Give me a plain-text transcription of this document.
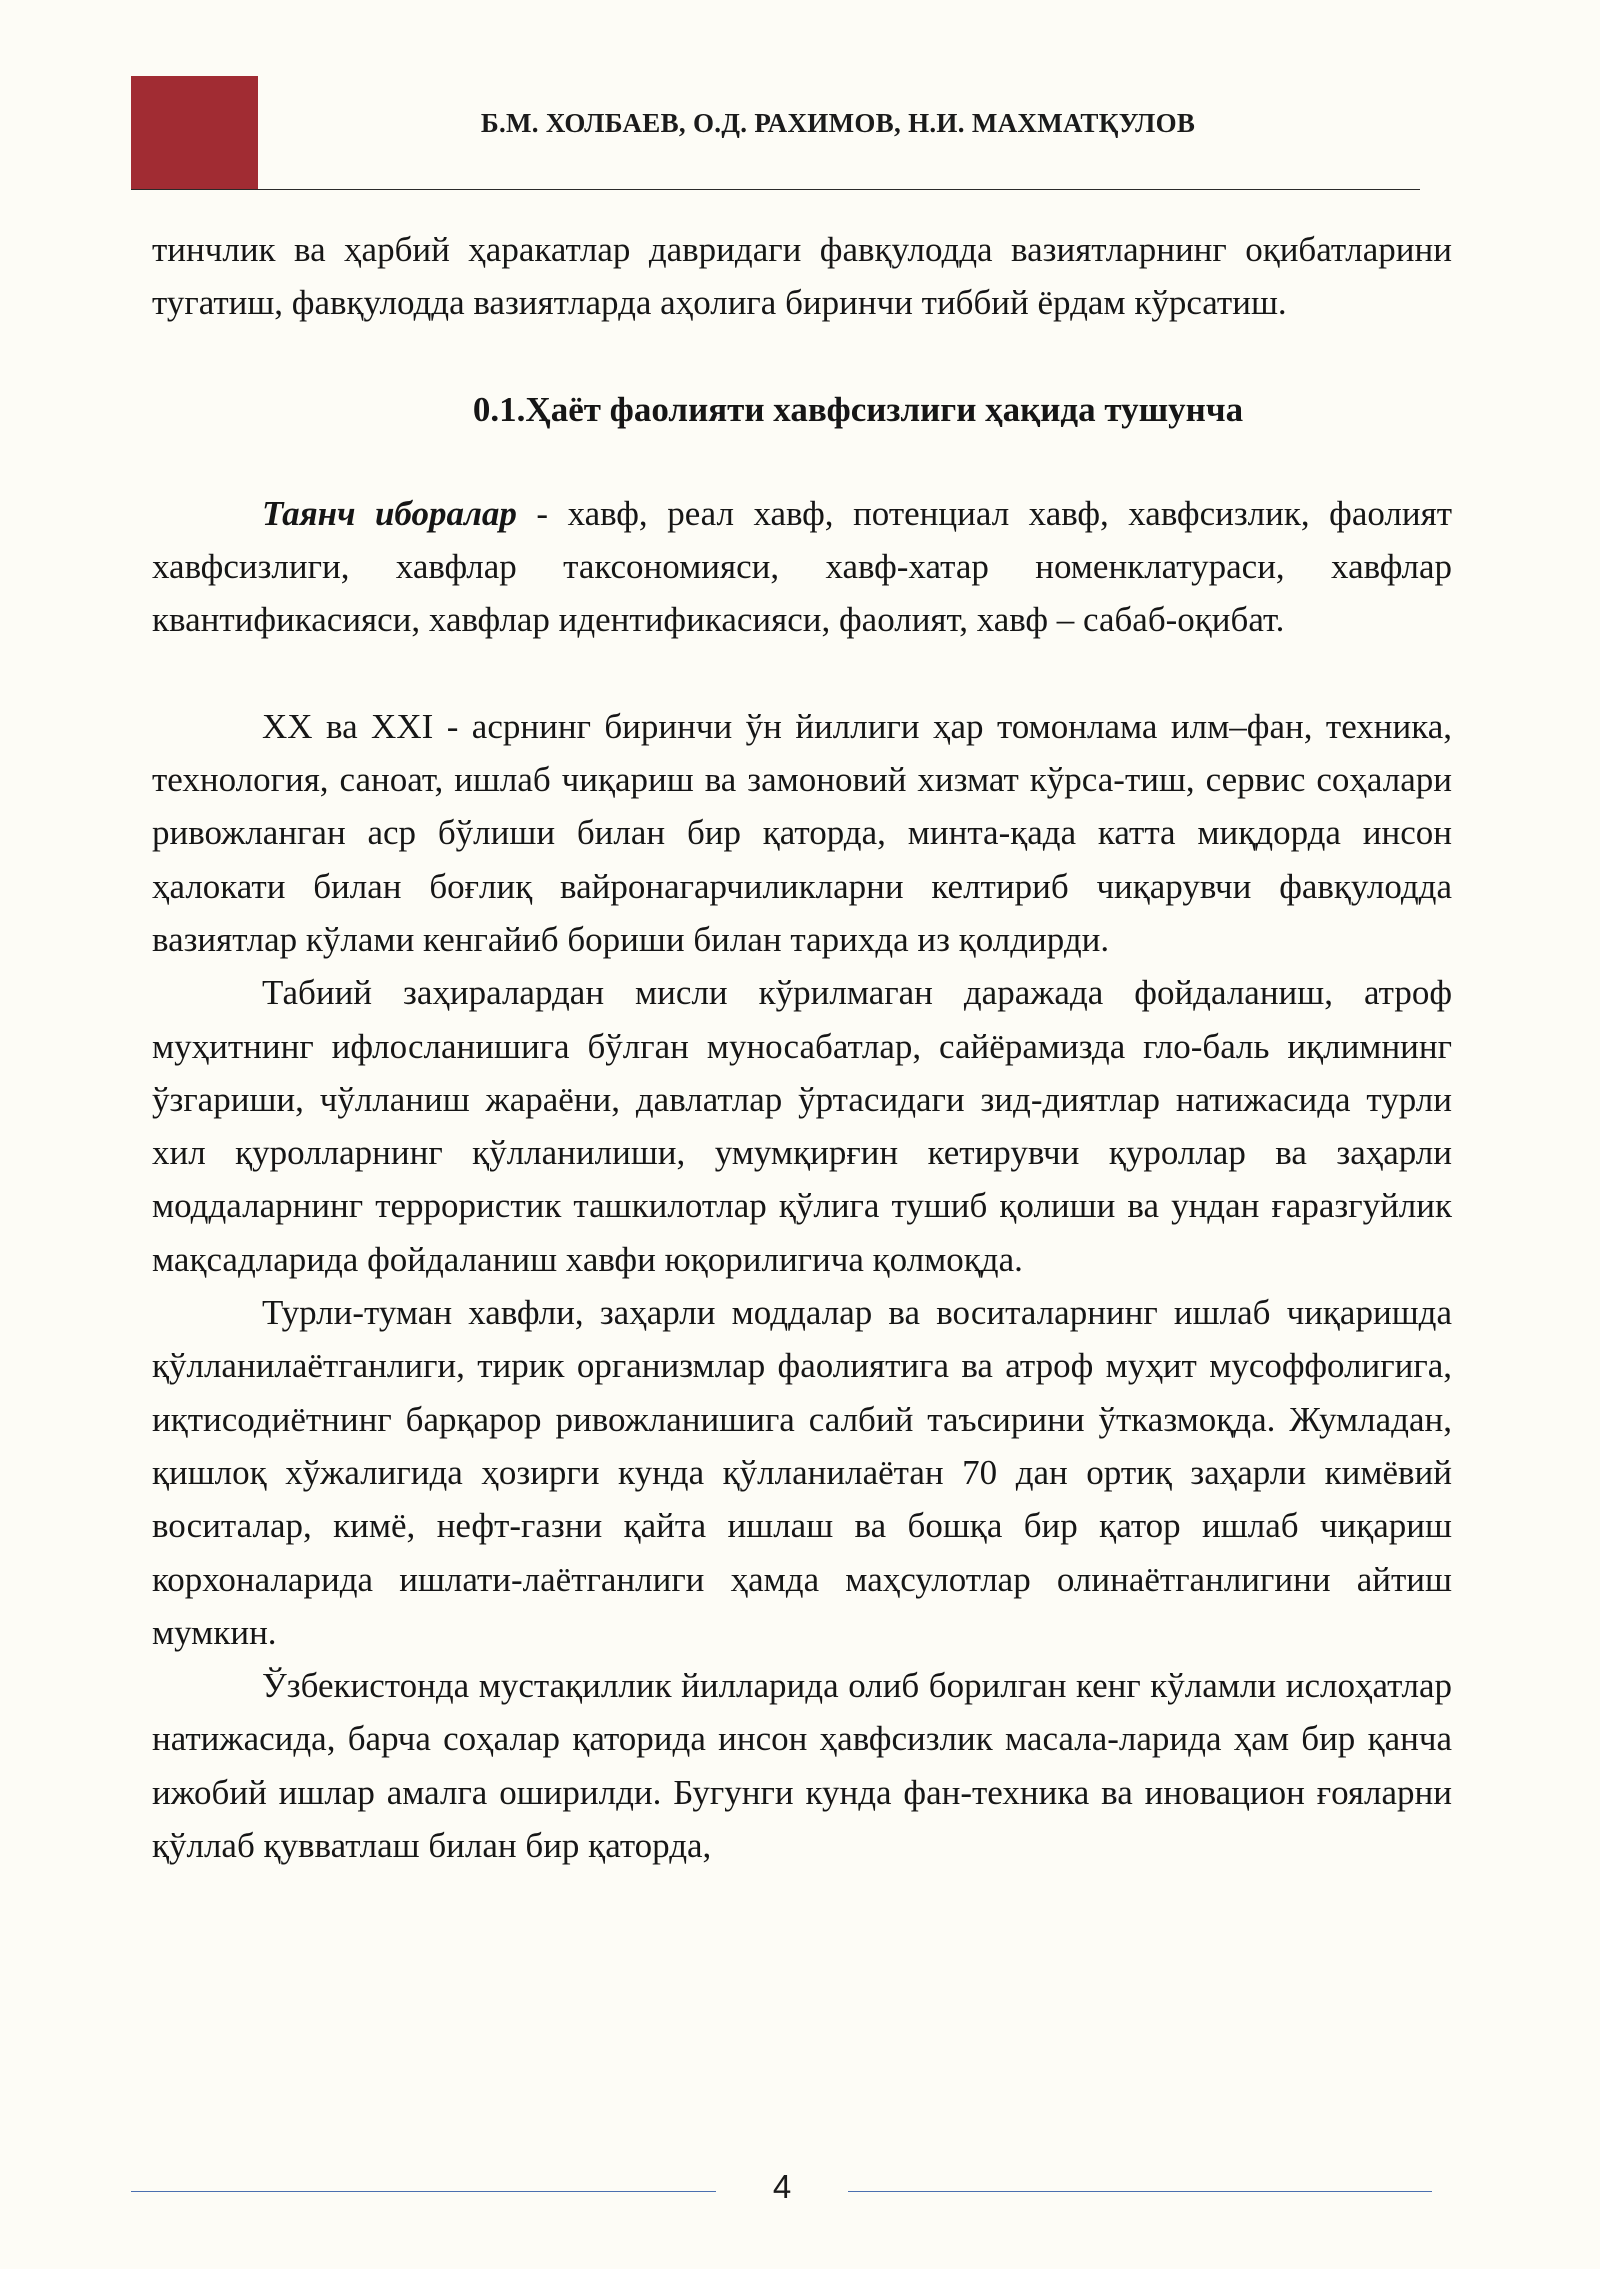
Б.М. ХОЛБАЕВ, О.Д. РАХИМОВ, Н.И. МАХМАТҚУЛОВ

тинчлик ва ҳарбий ҳаракатлар давридаги фавқулодда вазиятларнинг оқибатларини тугатиш, фавқулодда вазиятларда аҳолига биринчи тиббий ёрдам кўрсатиш.

0.1.Ҳаёт фаолияти хавфсизлиги ҳақида тушунча

Таянч иборалар - хавф, реал хавф, потенциал хавф, хавфсизлик, фаолият хавфсизлиги, хавфлар таксономияси, хавф-хатар номенклатураси, хавфлар квантификасияси, хавфлар идентификасияси, фаолият, хавф – сабаб-оқибат.

XX ва XXI - асрнинг биринчи ўн йиллиги ҳар томонлама илм–фан, техника, технология, саноат, ишлаб чиқариш ва замоновий хизмат кўрса-тиш, сервис соҳалари ривожланган аср бўлиши билан бир қаторда, минта-қада катта миқдорда инсон ҳалокати билан боғлиқ вайронагарчиликларни келтириб чиқарувчи фавқулодда вазиятлар кўлами кенгайиб бориши билан тарихда из қолдирди.

Табиий заҳиралардан мисли кўрилмаган даражада фойдаланиш, атроф муҳитнинг ифлосланишига бўлган муносабатлар, сайёрамизда гло-баль иқлимнинг ўзгариши, чўлланиш жараёни, давлатлар ўртасидаги зид-диятлар натижасида турли хил қуролларнинг қўлланилиши, умумқирғин кетирувчи қуроллар ва заҳарли моддаларнинг террористик ташкилотлар қўлига тушиб қолиши ва ундан ғаразгуйлик мақсадларида фойдаланиш хавфи юқорилигича қолмоқда.

Турли-туман хавфли, заҳарли моддалар ва воситаларнинг ишлаб чиқаришда қўлланилаётганлиги, тирик организмлар фаолиятига ва атроф муҳит мусоффолигига, иқтисодиётнинг барқарор ривожланишига салбий таъсирини ўтказмоқда. Жумладан, қишлоқ хўжалигида ҳозирги кунда қўлланилаётан 70 дан ортиқ заҳарли кимёвий воситалар, кимё, нефт-газни қайта ишлаш ва бошқа бир қатор ишлаб чиқариш корхоналарида ишлати-лаётганлиги ҳамда маҳсулотлар олинаётганлигини айтиш мумкин.

Ўзбекистонда мустақиллик йилларида олиб борилган кенг кўламли ислоҳатлар натижасида, барча соҳалар қаторида инсон ҳавфсизлик масала-ларида ҳам бир қанча ижобий ишлар амалга оширилди. Бугунги кунда фан-техника ва иновацион ғояларни қўллаб қувватлаш билан бир қаторда,

4
